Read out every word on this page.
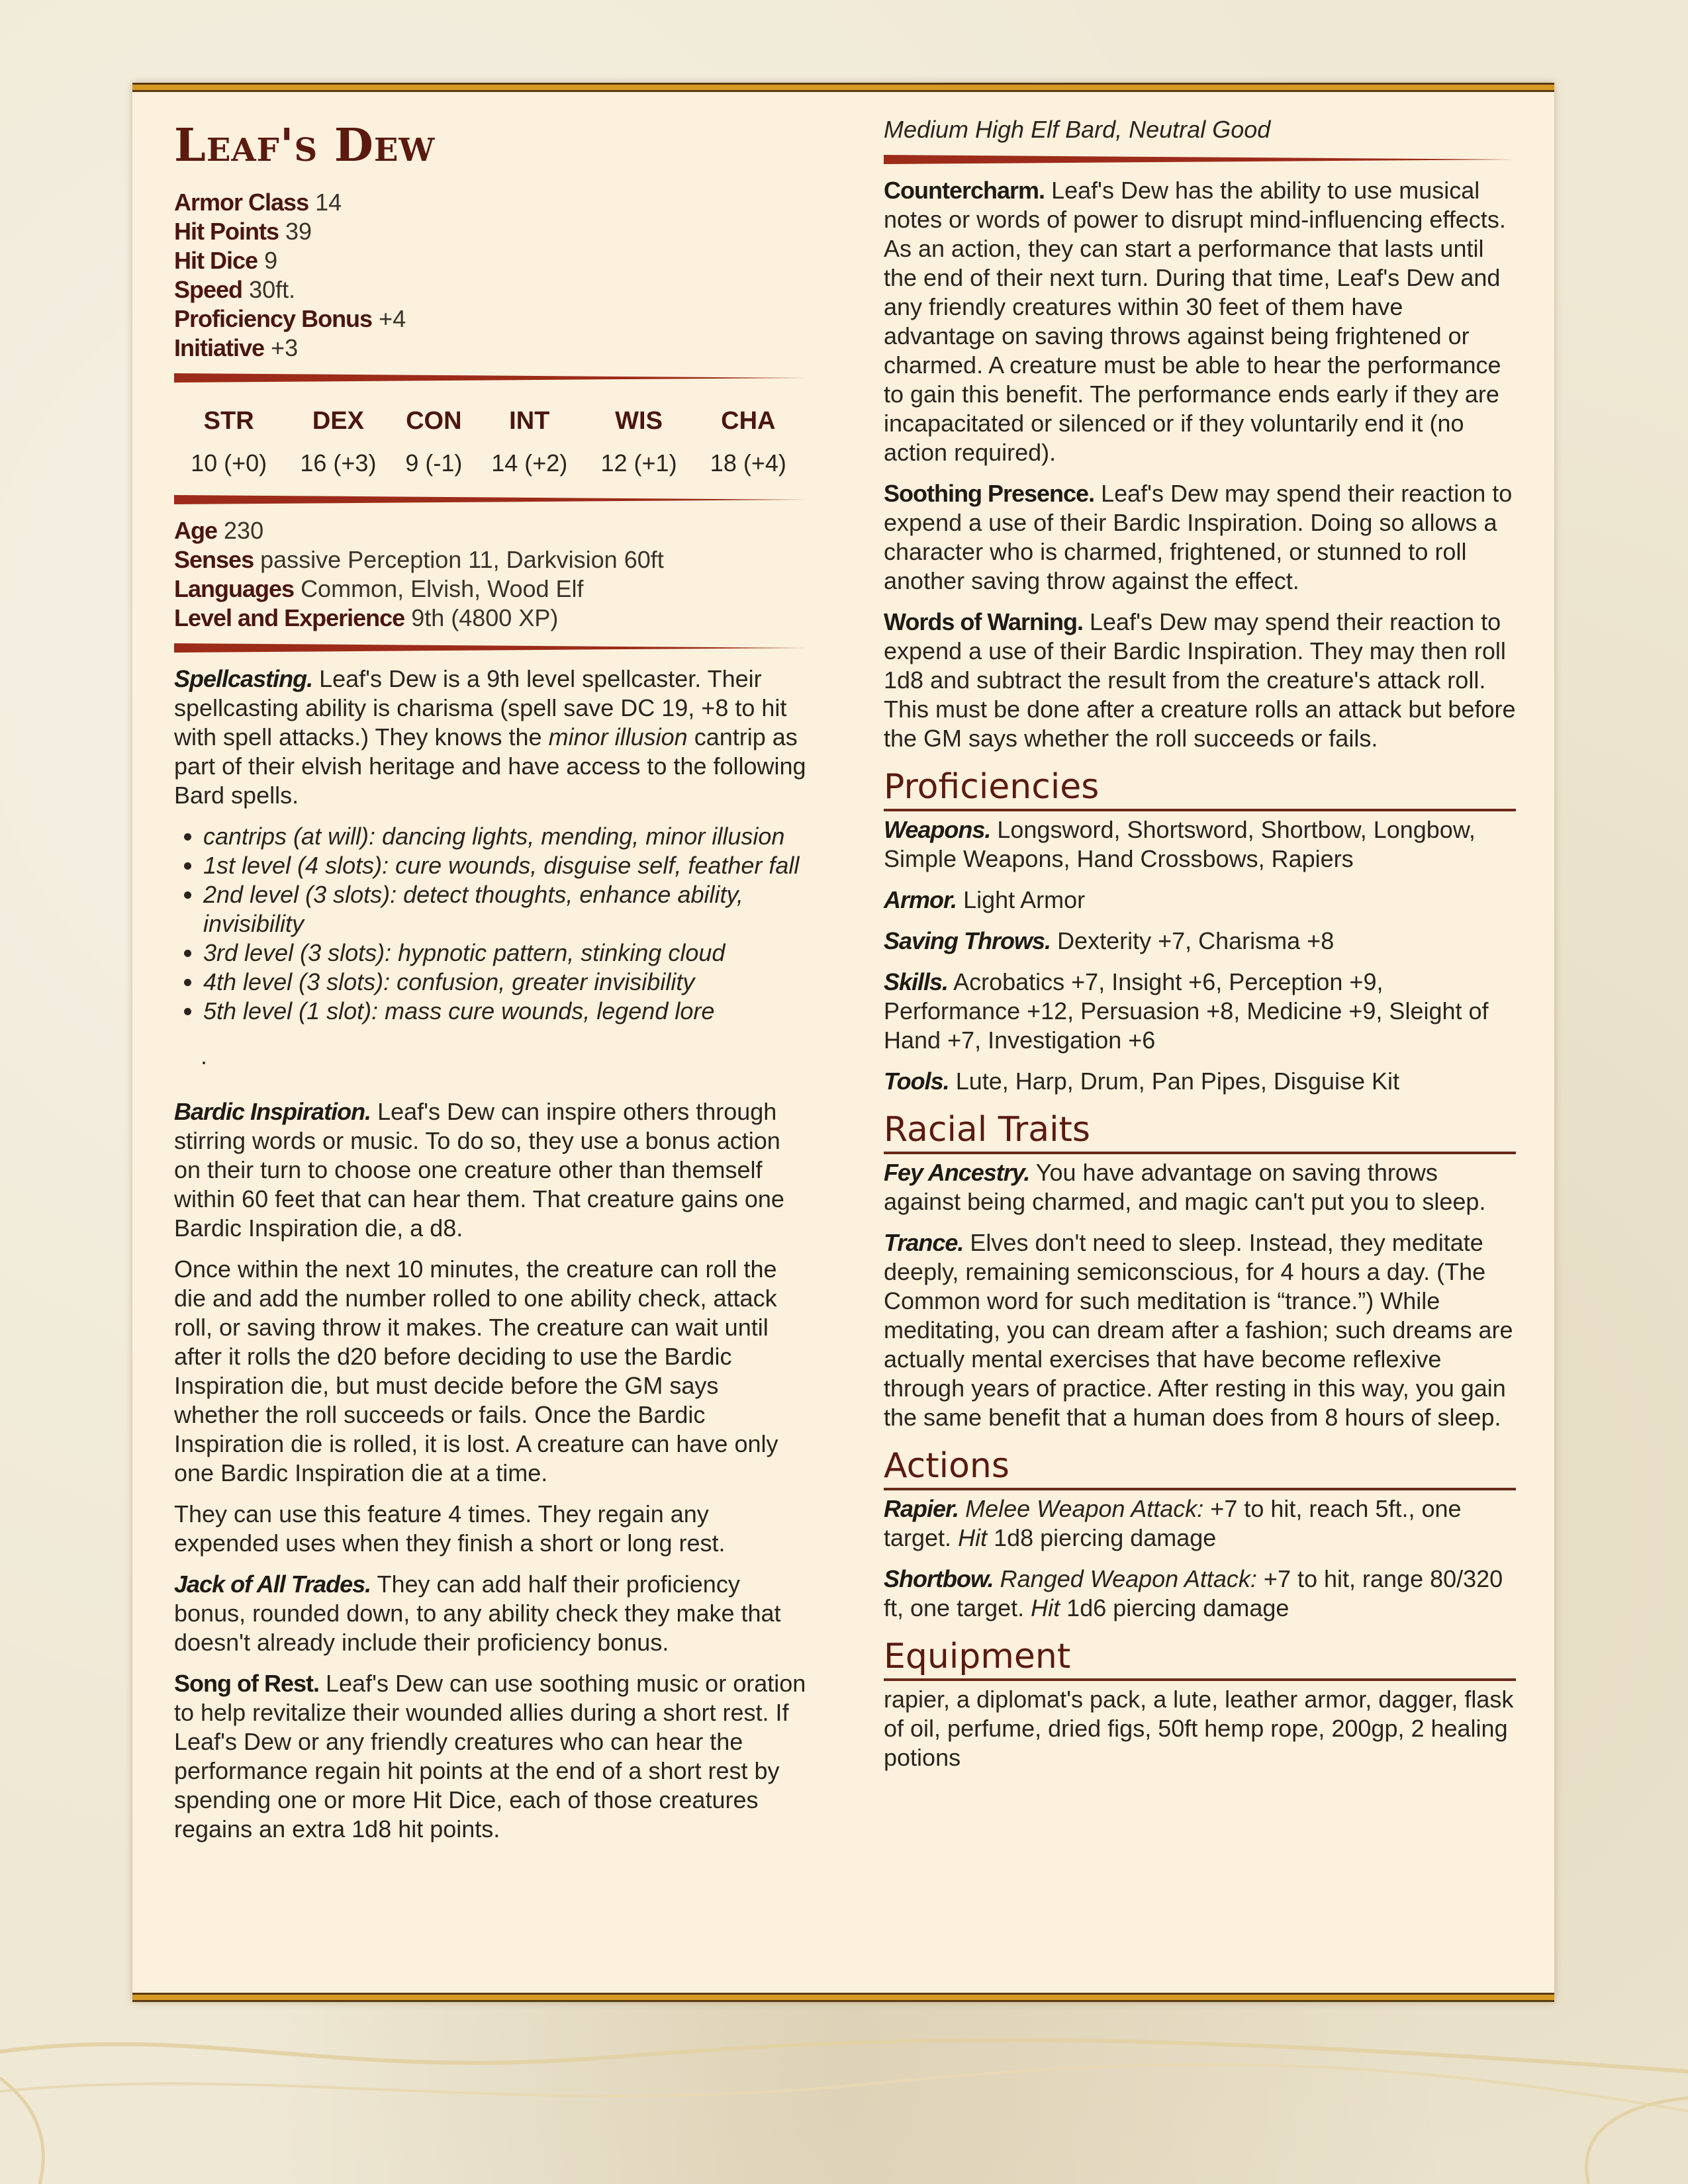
Leaf's Dew
Armor Class 14
Hit Points 39
Hit Dice 9
Speed 30ft.
Proficiency Bonus +4
Initiative +3
STR	DEX	CON	INT	WIS	CHA
10 (+0)	16 (+3)	9 (-1)	14 (+2)	12 (+1)	18 (+4)
Age 230
Senses passive Perception 11, Darkvision 60ft
Languages Common, Elvish, Wood Elf
Level and Experience 9th (4800 XP)

Spellcasting. Leaf's Dew is a 9th level spellcaster. Their spellcasting ability is charisma (spell save DC 19, +8 to hit with spell attacks.) They knows the minor illusion cantrip as part of their elvish heritage and have access to the following Bard spells.

• cantrips (at will): dancing lights, mending, minor illusion
• 1st level (4 slots): cure wounds, disguise self, feather fall
• 2nd level (3 slots): detect thoughts, enhance ability, invisibility
• 3rd level (3 slots): hypnotic pattern, stinking cloud
• 4th level (3 slots): confusion, greater invisibility
• 5th level (1 slot): mass cure wounds, legend lore
.

Bardic Inspiration. Leaf's Dew can inspire others through stirring words or music. To do so, they use a bonus action on their turn to choose one creature other than themself within 60 feet that can hear them. That creature gains one Bardic Inspiration die, a d8.

Once within the next 10 minutes, the creature can roll the die and add the number rolled to one ability check, attack roll, or saving throw it makes. The creature can wait until after it rolls the d20 before deciding to use the Bardic Inspiration die, but must decide before the GM says whether the roll succeeds or fails. Once the Bardic Inspiration die is rolled, it is lost. A creature can have only one Bardic Inspiration die at a time.

They can use this feature 4 times. They regain any expended uses when they finish a short or long rest.

Jack of All Trades. They can add half their proficiency bonus, rounded down, to any ability check they make that doesn't already include their proficiency bonus.

Song of Rest. Leaf's Dew can use soothing music or oration to help revitalize their wounded allies during a short rest. If Leaf's Dew or any friendly creatures who can hear the performance regain hit points at the end of a short rest by spending one or more Hit Dice, each of those creatures regains an extra 1d8 hit points.

Medium High Elf Bard, Neutral Good

Countercharm. Leaf's Dew has the ability to use musical notes or words of power to disrupt mind-influencing effects. As an action, they can start a performance that lasts until the end of their next turn. During that time, Leaf's Dew and any friendly creatures within 30 feet of them have advantage on saving throws against being frightened or charmed. A creature must be able to hear the performance to gain this benefit. The performance ends early if they are incapacitated or silenced or if they voluntarily end it (no action required).

Soothing Presence. Leaf's Dew may spend their reaction to expend a use of their Bardic Inspiration. Doing so allows a character who is charmed, frightened, or stunned to roll another saving throw against the effect.

Words of Warning. Leaf's Dew may spend their reaction to expend a use of their Bardic Inspiration. They may then roll 1d8 and subtract the result from the creature's attack roll. This must be done after a creature rolls an attack but before the GM says whether the roll succeeds or fails.

Proficiencies

Weapons. Longsword, Shortsword, Shortbow, Longbow, Simple Weapons, Hand Crossbows, Rapiers

Armor. Light Armor

Saving Throws. Dexterity +7, Charisma +8

Skills. Acrobatics +7, Insight +6, Perception +9, Performance +12, Persuasion +8, Medicine +9, Sleight of Hand +7, Investigation +6

Tools. Lute, Harp, Drum, Pan Pipes, Disguise Kit

Racial Traits

Fey Ancestry. You have advantage on saving throws against being charmed, and magic can't put you to sleep.

Trance. Elves don't need to sleep. Instead, they meditate deeply, remaining semiconscious, for 4 hours a day. (The Common word for such meditation is “trance.”) While meditating, you can dream after a fashion; such dreams are actually mental exercises that have become reflexive through years of practice. After resting in this way, you gain the same benefit that a human does from 8 hours of sleep.

Actions

Rapier. Melee Weapon Attack: +7 to hit, reach 5ft., one target. Hit 1d8 piercing damage

Shortbow. Ranged Weapon Attack: +7 to hit, range 80/320 ft, one target. Hit 1d6 piercing damage

Equipment

rapier, a diplomat's pack, a lute, leather armor, dagger, flask of oil, perfume, dried figs, 50ft hemp rope, 200gp, 2 healing potions
